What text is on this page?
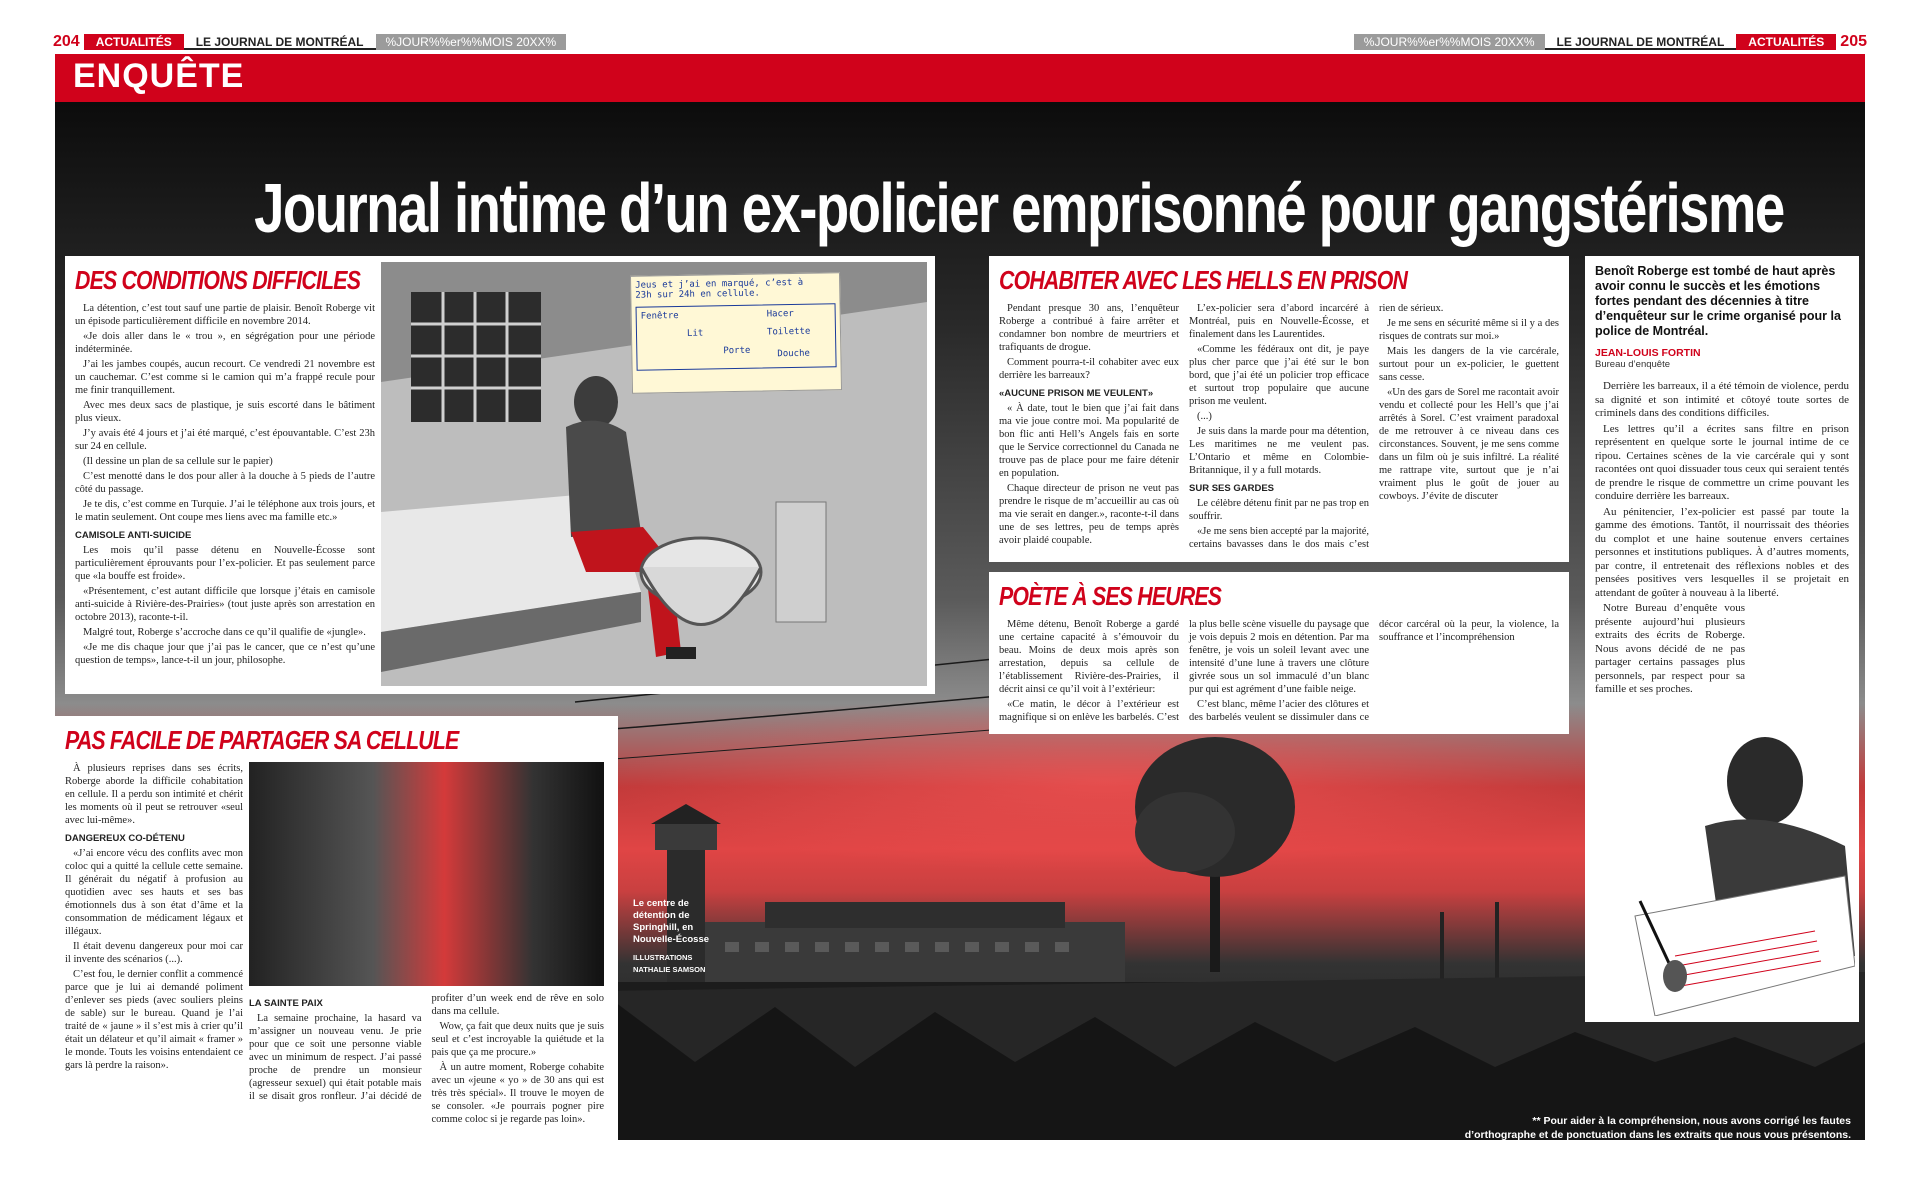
204	ACTUALITÉS	LE JOURNAL DE MONTRÉAL	%JOUR%%er%%MOIS 20XX%	%JOUR%%er%%MOIS 20XX%	LE JOURNAL DE MONTRÉAL	ACTUALITÉS	205
ENQUÊTE
Journal intime d’un ex-policier emprisonné pour gangstérisme
DES CONDITIONS DIFFICILES

La détention, c’est tout sauf une partie de plaisir. Benoît Roberge vit un épisode particulièrement difficile en novembre 2014.

«Je dois aller dans le « trou », en ségrégation pour une période indéterminée.

J’ai les jambes coupés, aucun recourt. Ce vendredi 21 novembre est un cauchemar. C’est comme si le camion qui m’a frappé recule pour me finir tranquillement.

Avec mes deux sacs de plastique, je suis escorté dans le bâtiment plus vieux.

J’y avais été 4 jours et j’ai été marqué, c’est épouvantable. C’est 23h sur 24 en cellule.

(Il dessine un plan de sa cellule sur le papier)

C’est menotté dans le dos pour aller à la douche à 5 pieds de l’autre côté du passage.

Je te dis, c’est comme en Turquie. J’ai le téléphone aux trois jours, et le matin seulement. Ont coupe mes liens avec ma famille etc.»

CAMISOLE ANTI-SUICIDE

Les mois qu’il passe détenu en Nouvelle-Écosse sont particulièrement éprouvants pour l’ex-policier. Et pas seulement parce que «la bouffe est froide».

«Présentement, c’est autant difficile que lorsque j’étais en camisole anti-suicide à Rivière-des-Prairies» (tout juste après son arrestation en octobre 2013), raconte-t-il.

Malgré tout, Roberge s’accroche dans ce qu’il qualifie de «jungle».

«Je me dis chaque jour que j’ai pas le cancer, que ce n’est qu’une question de temps», lance-t-il un jour, philosophe.

Jeus et j’ai en marqué, c’est à
23h sur 24h en cellule.
Fenêtre
Lit
Porte
Hacer
Toilette
Douche
PAS FACILE DE PARTAGER SA CELLULE

À plusieurs reprises dans ses écrits, Roberge aborde la difficile cohabitation en cellule. Il a perdu son intimité et chérit les moments où il peut se retrouver «seul avec lui-même».

DANGEREUX CO-DÉTENU

«J’ai encore vécu des conflits avec mon coloc qui a quitté la cellule cette semaine. Il générait du négatif à profusion au quotidien avec ses hauts et ses bas émotionnels dus à son état d’âme et la consommation de médicament légaux et illégaux.

Il était devenu dangereux pour moi car il invente des scénarios (...).

C’est fou, le dernier conflit a commencé parce que je lui ai demandé poliment d’enlever ses pieds (avec souliers pleins de sable) sur le bureau. Quand je l’ai traité de « jaune » il s’est mis à crier qu’il était un délateur et qu’il aimait « framer » le monde. Touts les voisins entendaient ce gars là perdre la raison».

LA SAINTE PAIX

La semaine prochaine, la hasard va m’assigner un nouveau venu. Je prie pour que ce soit une personne viable avec un minimum de respect. J’ai passé proche de prendre un monsieur (agresseur sexuel) qui était potable mais il se disait gros ronfleur. J’ai décidé de profiter d’un week end de rêve en solo dans ma cellule.

Wow, ça fait que deux nuits que je suis seul et c’est incroyable la quiétude et la pais que ça me procure.»

À un autre moment, Roberge cohabite avec un «jeune « yo » de 30 ans qui est très très spécial». Il trouve le moyen de se consoler. «Je pourrais pogner pire comme coloc si je regarde pas loin».

COHABITER AVEC LES HELLS EN PRISON

Pendant presque 30 ans, l’enquêteur Roberge a contribué à faire arrêter et condamner bon nombre de meurtriers et trafiquants de drogue.

Comment pourra-t-il cohabiter avec eux derrière les barreaux?

«AUCUNE PRISON ME VEULENT»

« À date, tout le bien que j’ai fait dans ma vie joue contre moi. Ma popularité de bon flic anti Hell’s Angels fais en sorte que le Service correctionnel du Canada ne trouve pas de place pour me faire détenir en population.

Chaque directeur de prison ne veut pas prendre le risque de m’accueillir au cas où ma vie serait en danger.», raconte-t-il dans une de ses lettres, peu de temps après avoir plaidé coupable.

L’ex-policier sera d’abord incarcéré à Montréal, puis en Nouvelle-Écosse, et finalement dans les Laurentides.

«Comme les fédéraux ont dit, je paye plus cher parce que j’ai été sur le bon bord, que j’ai été un policier trop efficace et surtout trop populaire que aucune prison me veulent.

(...)

Je suis dans la marde pour ma détention, Les maritimes ne me veulent pas. L’Ontario et même en Colombie-Britannique, il y a full motards.

SUR SES GARDES

Le célèbre détenu finit par ne pas trop en souffrir.

«Je me sens bien accepté par la majorité, certains bavasses dans le dos mais c’est rien de sérieux.

Je me sens en sécurité même si il y a des risques de contrats sur moi.»

Mais les dangers de la vie carcérale, surtout pour un ex-policier, le guettent sans cesse.

«Un des gars de Sorel me racontait avoir vendu et collecté pour les Hell’s que j’ai arrêtés à Sorel. C’est vraiment paradoxal de me retrouver à ce niveau dans ces circonstances. Souvent, je me sens comme dans un film où je suis infiltré. La réalité me rattrape vite, surtout que je n’ai vraiment plus le goût de jouer au cowboys. J’évite de discuter

POÈTE À SES HEURES

Même détenu, Benoît Roberge a gardé une certaine capacité à s’émouvoir du beau. Moins de deux mois après son arrestation, depuis sa cellule de l’établissement Rivière-des-Prairies, il décrit ainsi ce qu’il voit à l’extérieur:

«Ce matin, le décor à l’extérieur est magnifique si on enlève les barbelés. C’est la plus belle scène visuelle du paysage que je vois depuis 2 mois en détention. Par ma fenêtre, je vois un soleil levant avec une intensité d’une lune à travers une clôture givrée sous un sol immaculé d’un blanc pur qui est agrément d’une faible neige.

C’est blanc, même l’acier des clôtures et des barbelés veulent se dissimuler dans ce décor carcéral où la peur, la violence, la souffrance et l’incompréhension

Benoît Roberge est tombé de haut après avoir connu le succès et les émotions fortes pendant des décennies à titre d’enquêteur sur le crime organisé pour la police de Montréal.
JEAN-LOUIS FORTIN
Bureau d’enquête

Derrière les barreaux, il a été témoin de violence, perdu sa dignité et son intimité et côtoyé toute sortes de criminels dans des conditions difficiles.

Les lettres qu’il a écrites sans filtre en prison représentent en quelque sorte le journal intime de ce ripou. Certaines scènes de la vie carcérale qui y sont racontées ont quoi dissuader tous ceux qui seraient tentés de prendre le risque de commettre un crime pouvant les conduire derrière les barreaux.

Au pénitencier, l’ex-policier est passé par toute la gamme des émotions. Tantôt, il nourrissait des théories du complot et une haine soutenue envers certaines personnes et institutions publiques. À d’autres moments, par contre, il entretenait des réflexions nobles et des pensées positives vers lesquelles il se projetait en attendant de goûter à nouveau à la liberté.

Notre Bureau d’enquête vous présente aujourd’hui plusieurs extraits des écrits de Roberge. Nous avons décidé de ne pas partager certains passages plus personnels, par respect pour sa famille et ses proches.

Le centre de détention de Springhill, en Nouvelle-Écosse
ILLUSTRATIONS
NATHALIE SAMSON
** Pour aider à la compréhension, nous avons corrigé les fautes
d’orthographe et de ponctuation dans les extraits que nous vous présentons.
